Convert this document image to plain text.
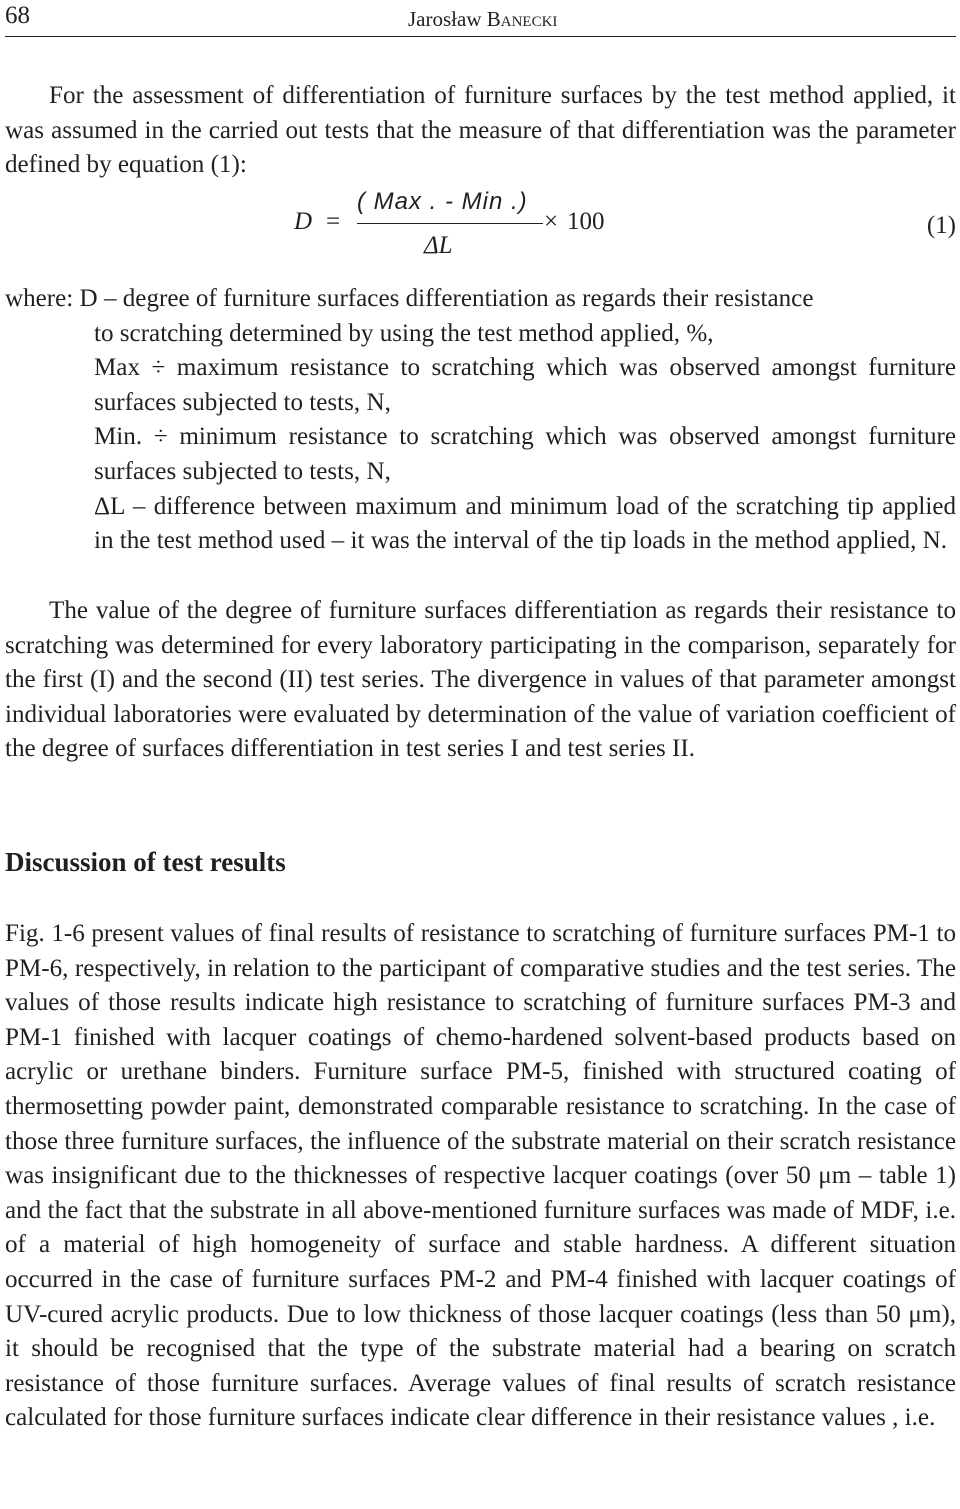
68	Jarosław Banecki

For the assessment of differentiation of furniture surfaces by the test method applied, it was assumed in the carried out tests that the measure of that differentiation was the parameter defined by equation (1):

D =
( Max . - Min .)
ΔL
× 100	(1)

where: D – degree of furniture surfaces differentiation as regards their resistance

to scratching determined by using the test method applied, %,

Max ÷ maximum resistance to scratching which was observed amongst furniture surfaces subjected to tests, N,

Min. ÷ minimum resistance to scratching which was observed amongst furniture surfaces subjected to tests, N,

ΔL – difference between maximum and minimum load of the scratching tip applied in the test method used – it was the interval of the tip loads in the method applied, N.

The value of the degree of furniture surfaces differentiation as regards their resistance to scratching was determined for every laboratory participating in the comparison, separately for the first (I) and the second (II) test series. The divergence in values of that parameter amongst individual laboratories were evaluated by determination of the value of variation coefficient of the degree of surfaces differentiation in test series I and test series II.

Discussion of test results

Fig. 1-6 present values of final results of resistance to scratching of furniture surfaces PM-1 to PM-6, respectively, in relation to the participant of comparative studies and the test series. The values of those results indicate high resistance to scratching of furniture surfaces PM-3 and PM-1 finished with lacquer coatings of chemo-hardened solvent-based products based on acrylic or urethane binders. Furniture surface PM-5, finished with structured coating of thermosetting powder paint, demonstrated comparable resistance to scratching. In the case of those three furniture surfaces, the influence of the substrate material on their scratch resistance was insignificant due to the thicknesses of respective lacquer coatings (over 50 μm – table 1) and the fact that the substrate in all above-mentioned furniture surfaces was made of MDF, i.e. of a material of high homogeneity of surface and stable hardness. A different situation occurred in the case of furniture surfaces PM-2 and PM-4 finished with lacquer coatings of UV-cured acrylic products. Due to low thickness of those lacquer coatings (less than 50 μm), it should be recognised that the type of the substrate material had a bearing on scratch resistance of those furniture surfaces. Average values of final results of scratch resistance calculated for those furniture surfaces indicate clear difference in their resistance values , i.e.
